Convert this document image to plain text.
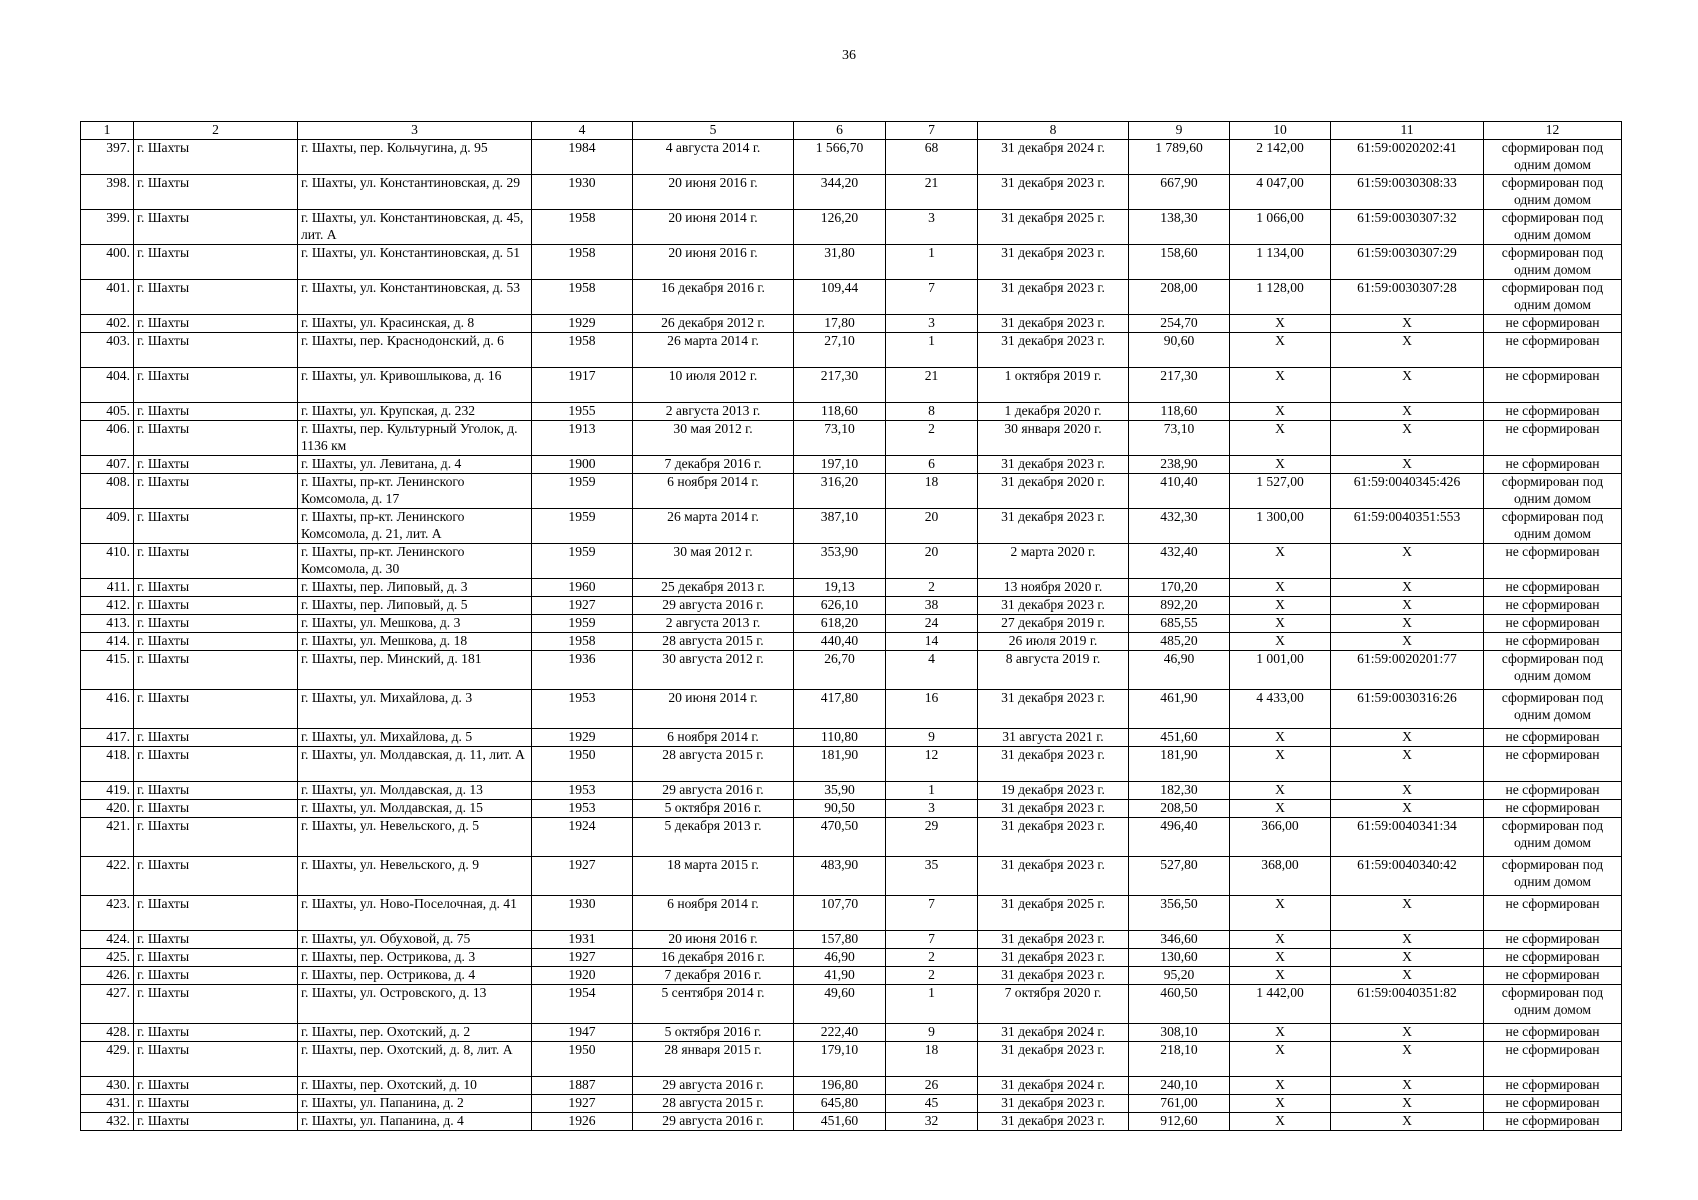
36
1	2	3	4	5	6	7	8	9	10	11	12
397.	г. Шахты	г. Шахты, пер. Кольчугина, д. 95	1984	4 августа 2014 г.	1 566,70	68	31 декабря 2024 г.	1 789,60	2 142,00	61:59:0020202:41	сформирован под одним домом
398.	г. Шахты	г. Шахты, ул. Константиновская, д. 29	1930	20 июня 2016 г.	344,20	21	31 декабря 2023 г.	667,90	4 047,00	61:59:0030308:33	сформирован под одним домом
399.	г. Шахты	г. Шахты, ул. Константиновская, д. 45, лит. А	1958	20 июня 2014 г.	126,20	3	31 декабря 2025 г.	138,30	1 066,00	61:59:0030307:32	сформирован под одним домом
400.	г. Шахты	г. Шахты, ул. Константиновская, д. 51	1958	20 июня 2016 г.	31,80	1	31 декабря 2023 г.	158,60	1 134,00	61:59:0030307:29	сформирован под одним домом
401.	г. Шахты	г. Шахты, ул. Константиновская, д. 53	1958	16 декабря 2016 г.	109,44	7	31 декабря 2023 г.	208,00	1 128,00	61:59:0030307:28	сформирован под одним домом
402.	г. Шахты	г. Шахты, ул. Красинская, д. 8	1929	26 декабря 2012 г.	17,80	3	31 декабря 2023 г.	254,70	Х	Х	не сформирован
403.	г. Шахты	г. Шахты, пер. Краснодонский, д. 6	1958	26 марта 2014 г.	27,10	1	31 декабря 2023 г.	90,60	Х	Х	не сформирован
404.	г. Шахты	г. Шахты, ул. Кривошлыкова, д. 16	1917	10 июля 2012 г.	217,30	21	1 октября 2019 г.	217,30	Х	Х	не сформирован
405.	г. Шахты	г. Шахты, ул. Крупская, д. 232	1955	2 августа 2013 г.	118,60	8	1 декабря 2020 г.	118,60	Х	Х	не сформирован
406.	г. Шахты	г. Шахты, пер. Культурный Уголок, д. 1136 км	1913	30 мая 2012 г.	73,10	2	30 января 2020 г.	73,10	Х	Х	не сформирован
407.	г. Шахты	г. Шахты, ул. Левитана, д. 4	1900	7 декабря 2016 г.	197,10	6	31 декабря 2023 г.	238,90	Х	Х	не сформирован
408.	г. Шахты	г. Шахты, пр-кт. Ленинского Комсомола, д. 17	1959	6 ноября 2014 г.	316,20	18	31 декабря 2020 г.	410,40	1 527,00	61:59:0040345:426	сформирован под одним домом
409.	г. Шахты	г. Шахты, пр-кт. Ленинского Комсомола, д. 21, лит. А	1959	26 марта 2014 г.	387,10	20	31 декабря 2023 г.	432,30	1 300,00	61:59:0040351:553	сформирован под одним домом
410.	г. Шахты	г. Шахты, пр-кт. Ленинского Комсомола, д. 30	1959	30 мая 2012 г.	353,90	20	2 марта 2020 г.	432,40	Х	Х	не сформирован
411.	г. Шахты	г. Шахты, пер. Липовый, д. 3	1960	25 декабря 2013 г.	19,13	2	13 ноября 2020 г.	170,20	Х	Х	не сформирован
412.	г. Шахты	г. Шахты, пер. Липовый, д. 5	1927	29 августа 2016 г.	626,10	38	31 декабря 2023 г.	892,20	Х	Х	не сформирован
413.	г. Шахты	г. Шахты, ул. Мешкова, д. 3	1959	2 августа 2013 г.	618,20	24	27 декабря 2019 г.	685,55	Х	Х	не сформирован
414.	г. Шахты	г. Шахты, ул. Мешкова, д. 18	1958	28 августа 2015 г.	440,40	14	26 июля 2019 г.	485,20	Х	Х	не сформирован
415.	г. Шахты	г. Шахты, пер. Минский, д. 181	1936	30 августа 2012 г.	26,70	4	8 августа 2019 г.	46,90	1 001,00	61:59:0020201:77	сформирован под одним домом
416.	г. Шахты	г. Шахты, ул. Михайлова, д. 3	1953	20 июня 2014 г.	417,80	16	31 декабря 2023 г.	461,90	4 433,00	61:59:0030316:26	сформирован под одним домом
417.	г. Шахты	г. Шахты, ул. Михайлова, д. 5	1929	6 ноября 2014 г.	110,80	9	31 августа 2021 г.	451,60	Х	Х	не сформирован
418.	г. Шахты	г. Шахты, ул. Молдавская, д. 11, лит. А	1950	28 августа 2015 г.	181,90	12	31 декабря 2023 г.	181,90	Х	Х	не сформирован
419.	г. Шахты	г. Шахты, ул. Молдавская, д. 13	1953	29 августа 2016 г.	35,90	1	19 декабря 2023 г.	182,30	Х	Х	не сформирован
420.	г. Шахты	г. Шахты, ул. Молдавская, д. 15	1953	5 октября 2016 г.	90,50	3	31 декабря 2023 г.	208,50	Х	Х	не сформирован
421.	г. Шахты	г. Шахты, ул. Невельского, д. 5	1924	5 декабря 2013 г.	470,50	29	31 декабря 2023 г.	496,40	366,00	61:59:0040341:34	сформирован под одним домом
422.	г. Шахты	г. Шахты, ул. Невельского, д. 9	1927	18 марта 2015 г.	483,90	35	31 декабря 2023 г.	527,80	368,00	61:59:0040340:42	сформирован под одним домом
423.	г. Шахты	г. Шахты, ул. Ново-Поселочная, д. 41	1930	6 ноября 2014 г.	107,70	7	31 декабря 2025 г.	356,50	Х	Х	не сформирован
424.	г. Шахты	г. Шахты, ул. Обуховой, д. 75	1931	20 июня 2016 г.	157,80	7	31 декабря 2023 г.	346,60	Х	Х	не сформирован
425.	г. Шахты	г. Шахты, пер. Острикова, д. 3	1927	16 декабря 2016 г.	46,90	2	31 декабря 2023 г.	130,60	Х	Х	не сформирован
426.	г. Шахты	г. Шахты, пер. Острикова, д. 4	1920	7 декабря 2016 г.	41,90	2	31 декабря 2023 г.	95,20	Х	Х	не сформирован
427.	г. Шахты	г. Шахты, ул. Островского, д. 13	1954	5 сентября 2014 г.	49,60	1	7 октября 2020 г.	460,50	1 442,00	61:59:0040351:82	сформирован под одним домом
428.	г. Шахты	г. Шахты, пер. Охотский, д. 2	1947	5 октября 2016 г.	222,40	9	31 декабря 2024 г.	308,10	Х	Х	не сформирован
429.	г. Шахты	г. Шахты, пер. Охотский, д. 8, лит. А	1950	28 января 2015 г.	179,10	18	31 декабря 2023 г.	218,10	Х	Х	не сформирован
430.	г. Шахты	г. Шахты, пер. Охотский, д. 10	1887	29 августа 2016 г.	196,80	26	31 декабря 2024 г.	240,10	Х	Х	не сформирован
431.	г. Шахты	г. Шахты, ул. Папанина, д. 2	1927	28 августа 2015 г.	645,80	45	31 декабря 2023 г.	761,00	Х	Х	не сформирован
432.	г. Шахты	г. Шахты, ул. Папанина, д. 4	1926	29 августа 2016 г.	451,60	32	31 декабря 2023 г.	912,60	Х	Х	не сформирован
